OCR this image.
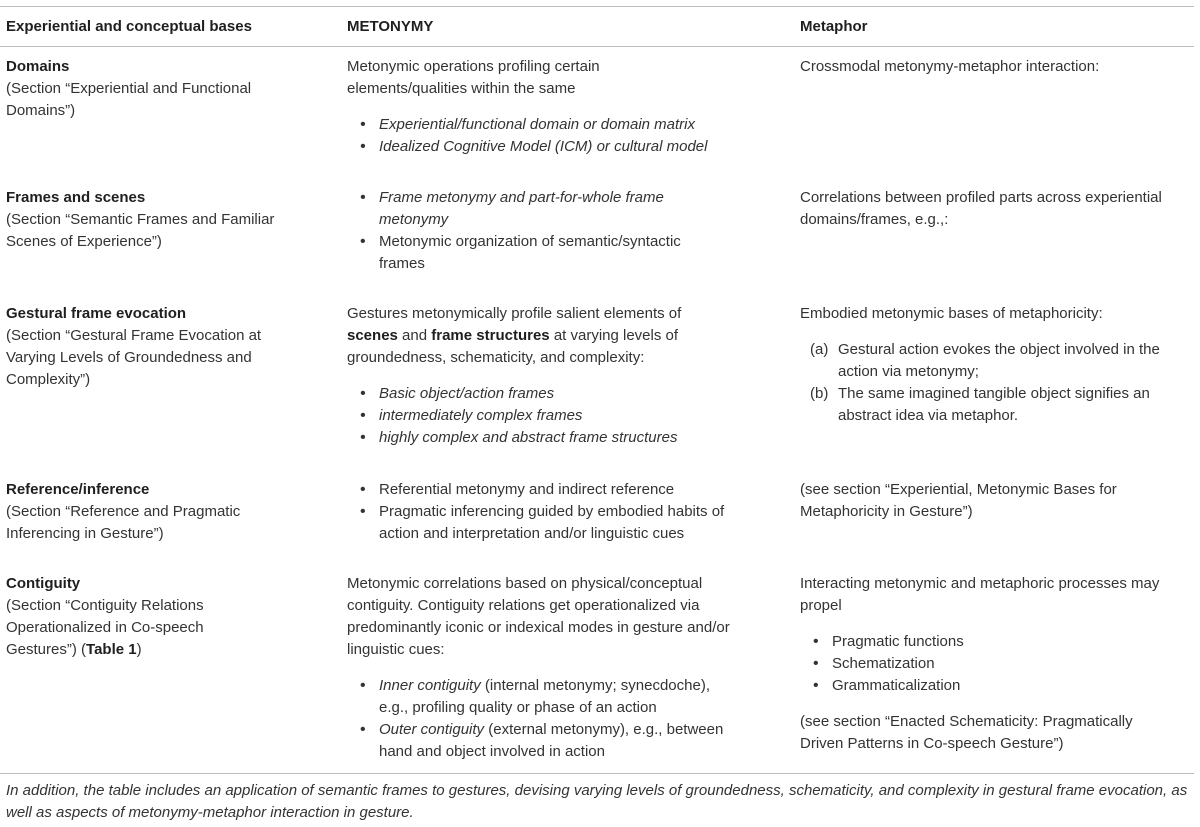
Experiential and conceptual bases	METONYMY	Metaphor
Domains
(Section “Experiential and Functional Domains”)
Metonymic operations profiling certain elements/qualities within the same
• Experiential/functional domain or domain matrix
• Idealized Cognitive Model (ICM) or cultural model
Crossmodal metonymy-metaphor interaction:
Frames and scenes
(Section “Semantic Frames and Familiar Scenes of Experience”)
• Frame metonymy and part-for-whole frame metonymy
• Metonymic organization of semantic/syntactic frames
Correlations between profiled parts across experiential domains/frames, e.g.,:
Gestural frame evocation
(Section “Gestural Frame Evocation at Varying Levels of Groundedness and Complexity”)
Gestures metonymically profile salient elements of scenes and frame structures at varying levels of groundedness, schematicity, and complexity:
• Basic object/action frames
• intermediately complex frames
• highly complex and abstract frame structures
Embodied metonymic bases of metaphoricity:
(a) Gestural action evokes the object involved in the action via metonymy;
(b) The same imagined tangible object signifies an abstract idea via metaphor.
Reference/inference
(Section “Reference and Pragmatic Inferencing in Gesture”)
• Referential metonymy and indirect reference
• Pragmatic inferencing guided by embodied habits of action and interpretation and/or linguistic cues
(see section “Experiential, Metonymic Bases for Metaphoricity in Gesture”)
Contiguity
(Section “Contiguity Relations Operationalized in Co-speech Gestures”) (Table 1)
Metonymic correlations based on physical/conceptual contiguity. Contiguity relations get operationalized via predominantly iconic or indexical modes in gesture and/or linguistic cues:
• Inner contiguity (internal metonymy; synecdoche), e.g., profiling quality or phase of an action
• Outer contiguity (external metonymy), e.g., between hand and object involved in action
Interacting metonymic and metaphoric processes may propel
• Pragmatic functions
• Schematization
• Grammaticalization
(see section “Enacted Schematicity: Pragmatically Driven Patterns in Co-speech Gesture”)
In addition, the table includes an application of semantic frames to gestures, devising varying levels of groundedness, schematicity, and complexity in gestural frame evocation, as well as aspects of metonymy-metaphor interaction in gesture.
